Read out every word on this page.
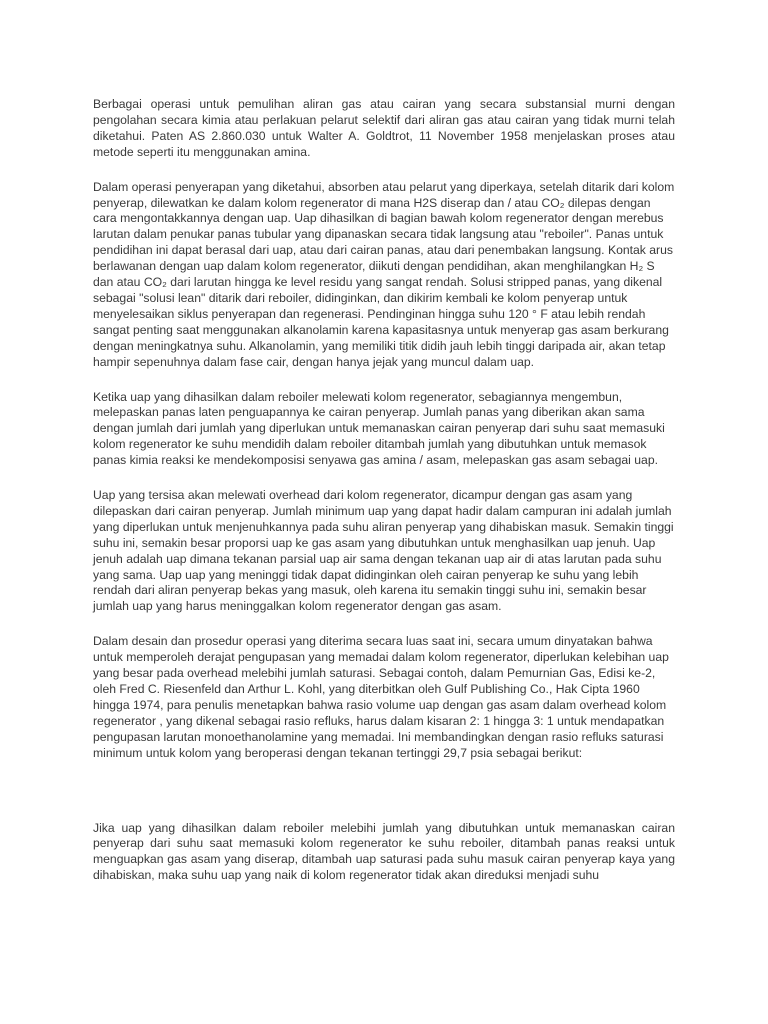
Berbagai operasi untuk pemulihan aliran gas atau cairan yang secara substansial murni dengan pengolahan secara kimia atau perlakuan pelarut selektif dari aliran gas atau cairan yang tidak murni telah diketahui. Paten AS 2.860.030 untuk Walter A. Goldtrot, 11 November 1958 menjelaskan proses atau metode seperti itu menggunakan amina.

Dalam operasi penyerapan yang diketahui, absorben atau pelarut yang diperkaya, setelah ditarik dari kolom penyerap, dilewatkan ke dalam kolom regenerator di mana H2S diserap dan / atau CO₂ dilepas dengan cara mengontakkannya dengan uap. Uap dihasilkan di bagian bawah kolom regenerator dengan merebus larutan dalam penukar panas tubular yang dipanaskan secara tidak langsung atau "reboiler". Panas untuk pendidihan ini dapat berasal dari uap, atau dari cairan panas, atau dari penembakan langsung. Kontak arus berlawanan dengan uap dalam kolom regenerator, diikuti dengan pendidihan, akan menghilangkan H₂ S dan atau CO₂ dari larutan hingga ke level residu yang sangat rendah. Solusi stripped panas, yang dikenal sebagai "solusi lean" ditarik dari reboiler, didinginkan, dan dikirim kembali ke kolom penyerap untuk menyelesaikan siklus penyerapan dan regenerasi. Pendinginan hingga suhu 120 ° F atau lebih rendah sangat penting saat menggunakan alkanolamin karena kapasitasnya untuk menyerap gas asam berkurang dengan meningkatnya suhu. Alkanolamin, yang memiliki titik didih jauh lebih tinggi daripada air, akan tetap hampir sepenuhnya dalam fase cair, dengan hanya jejak yang muncul dalam uap.

Ketika uap yang dihasilkan dalam reboiler melewati kolom regenerator, sebagiannya mengembun, melepaskan panas laten penguapannya ke cairan penyerap. Jumlah panas yang diberikan akan sama dengan jumlah dari jumlah yang diperlukan untuk memanaskan cairan penyerap dari suhu saat memasuki kolom regenerator ke suhu mendidih dalam reboiler ditambah jumlah yang dibutuhkan untuk memasok panas kimia reaksi ke mendekomposisi senyawa gas amina / asam, melepaskan gas asam sebagai uap.

Uap yang tersisa akan melewati overhead dari kolom regenerator, dicampur dengan gas asam yang dilepaskan dari cairan penyerap. Jumlah minimum uap yang dapat hadir dalam campuran ini adalah jumlah yang diperlukan untuk menjenuhkannya pada suhu aliran penyerap yang dihabiskan masuk. Semakin tinggi suhu ini, semakin besar proporsi uap ke gas asam yang dibutuhkan untuk menghasilkan uap jenuh. Uap jenuh adalah uap dimana tekanan parsial uap air sama dengan tekanan uap air di atas larutan pada suhu yang sama. Uap uap yang meninggi tidak dapat didinginkan oleh cairan penyerap ke suhu yang lebih rendah dari aliran penyerap bekas yang masuk, oleh karena itu semakin tinggi suhu ini, semakin besar jumlah uap yang harus meninggalkan kolom regenerator dengan gas asam.

Dalam desain dan prosedur operasi yang diterima secara luas saat ini, secara umum dinyatakan bahwa untuk memperoleh derajat pengupasan yang memadai dalam kolom regenerator, diperlukan kelebihan uap yang besar pada overhead melebihi jumlah saturasi. Sebagai contoh, dalam Pemurnian Gas, Edisi ke-2, oleh Fred C. Riesenfeld dan Arthur L. Kohl, yang diterbitkan oleh Gulf Publishing Co., Hak Cipta 1960 hingga 1974, para penulis menetapkan bahwa rasio volume uap dengan gas asam dalam overhead kolom regenerator , yang dikenal sebagai rasio refluks, harus dalam kisaran 2: 1 hingga 3: 1 untuk mendapatkan pengupasan larutan monoethanolamine yang memadai. Ini membandingkan dengan rasio refluks saturasi minimum untuk kolom yang beroperasi dengan tekanan tertinggi 29,7 psia sebagai berikut:

Jika uap yang dihasilkan dalam reboiler melebihi jumlah yang dibutuhkan untuk memanaskan cairan penyerap dari suhu saat memasuki kolom regenerator ke suhu reboiler, ditambah panas reaksi untuk menguapkan gas asam yang diserap, ditambah uap saturasi pada suhu masuk cairan penyerap kaya yang dihabiskan, maka suhu uap yang naik di kolom regenerator tidak akan direduksi menjadi suhu
